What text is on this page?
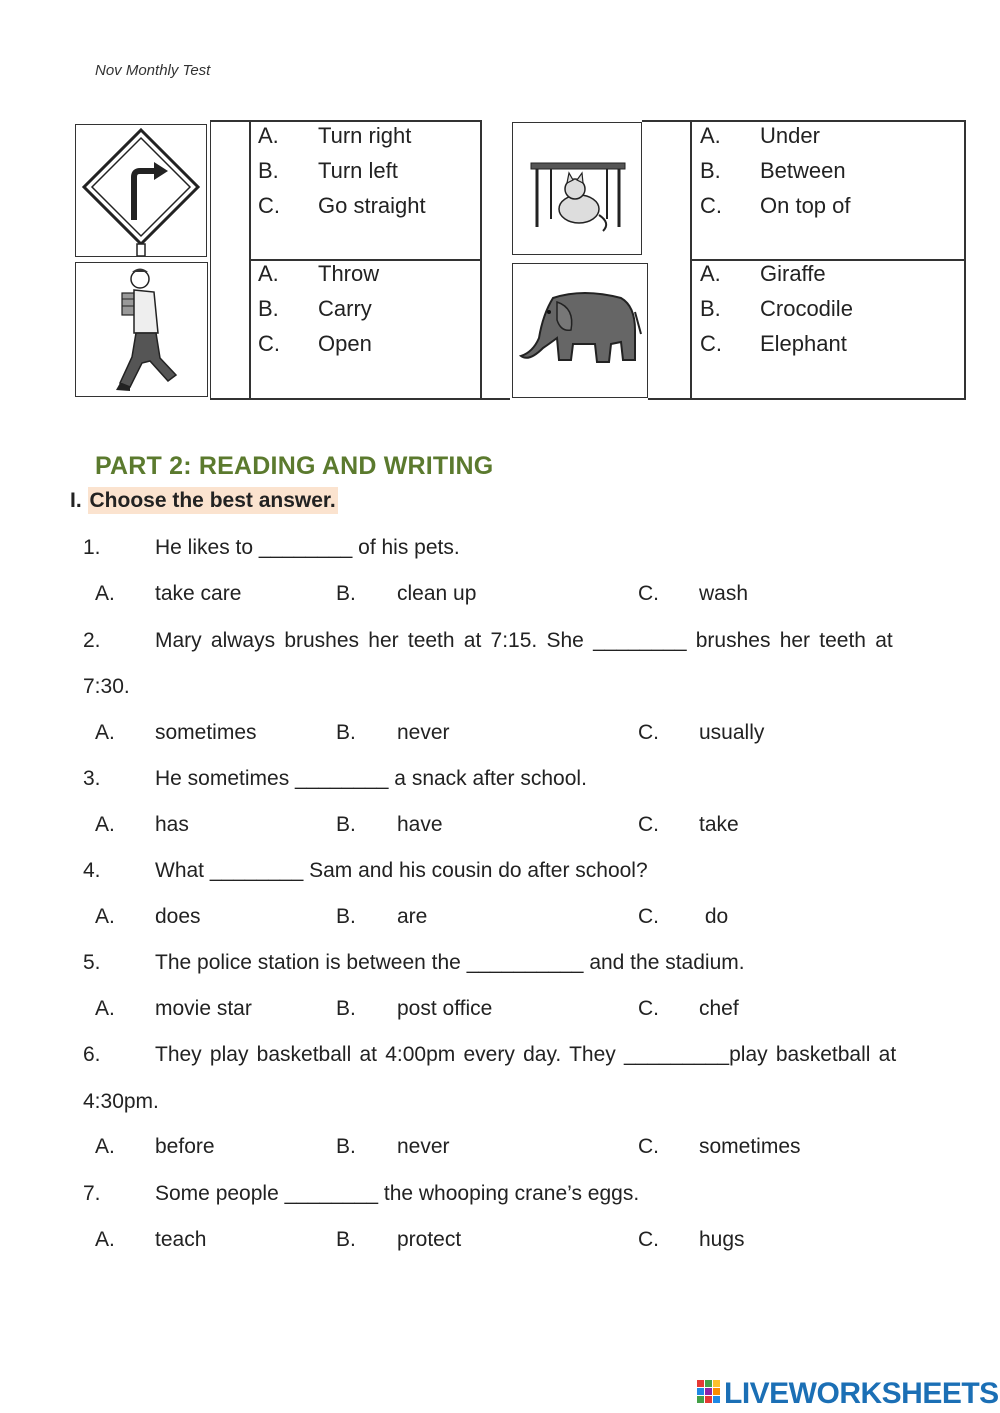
Nov Monthly Test
A. Turn right
B. Turn left
C. Go straight
A. Under
B. Between
C. On top of
A. Throw
B. Carry
C. Open
A. Giraffe
B. Crocodile
C. Elephant
PART 2: READING AND WRITING
I. Choose the best answer.
1.	He likes to ________ of his pets.
A. take care	B. clean up	C. wash
2.	Mary always brushes her teeth at 7:15. She ________ brushes her teeth at
7:30.
A. sometimes	B. never	C. usually
3.	He sometimes ________ a snack after school.
A. has	B. have	C. take
4.	What ________ Sam and his cousin do after school?
A. does	B. are	C. do
5.	The police station is between the __________ and the stadium.
A. movie star	B. post office	C. chef
6.	They play basketball at 4:00pm every day. They _________play basketball at
4:30pm.
A. before	B. never	C. sometimes
7.	Some people ________ the whooping crane’s eggs.
A. teach	B. protect	C. hugs
LIVEWORKSHEETS
